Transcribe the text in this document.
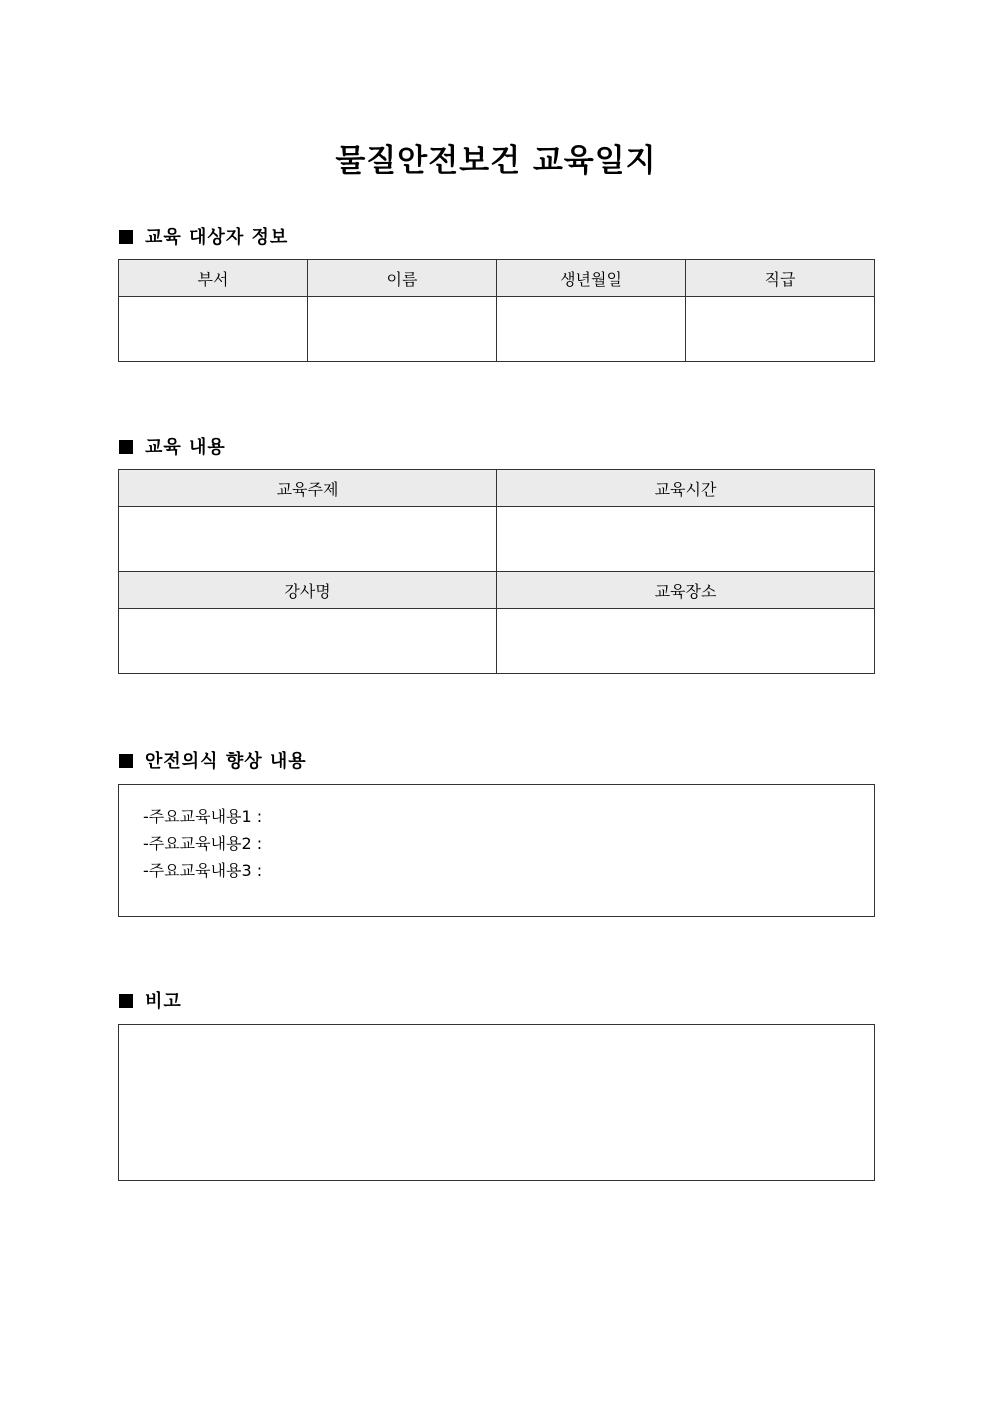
물질안전보건 교육일지
교육 대상자 정보
부서	이름	생년월일	직급

교육 내용
교육주제	교육시간

강사명	교육장소

안전의식 향상 내용
-주요교육내용1 :
-주요교육내용2 :
-주요교육내용3 :
비고
